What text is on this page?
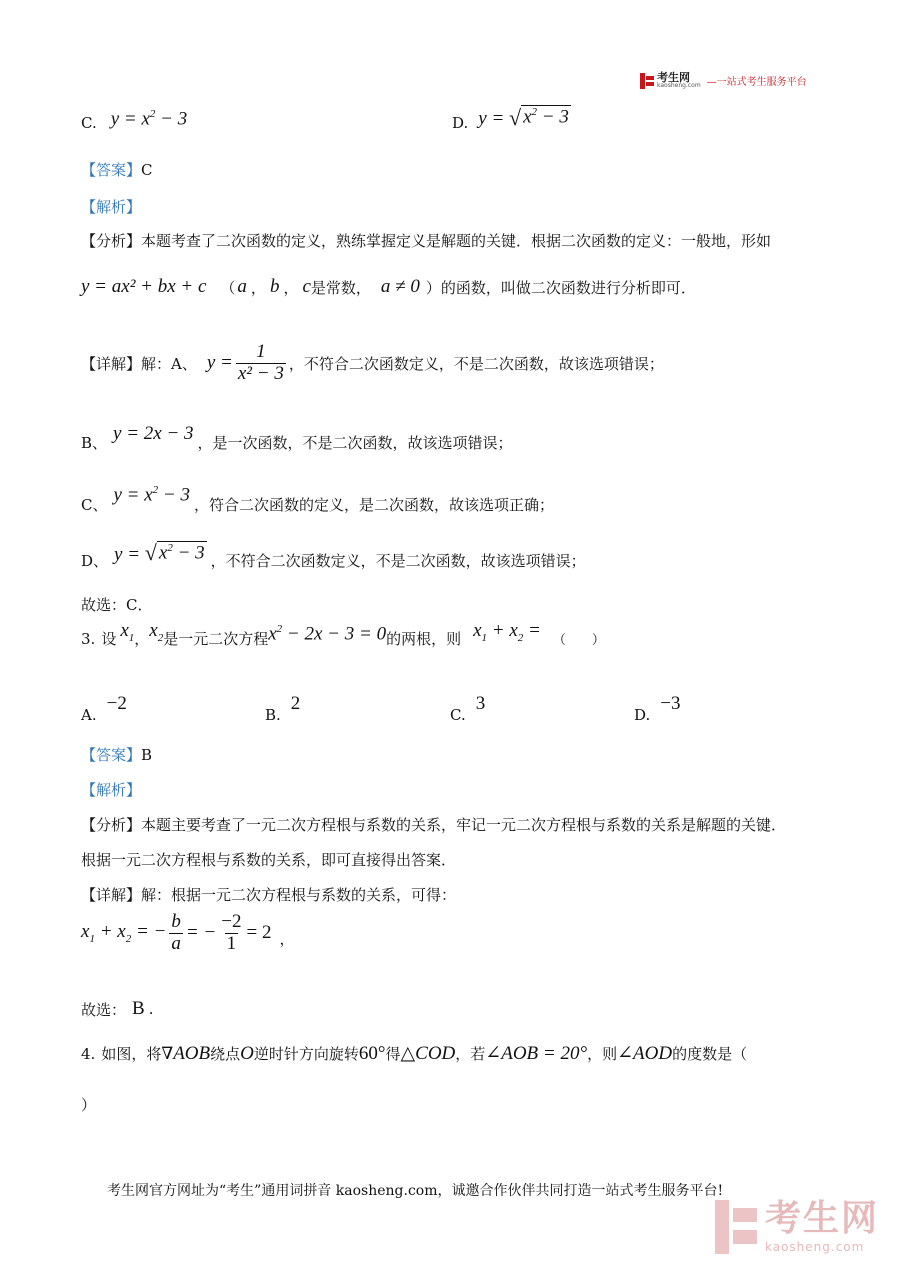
考生网
kaosheng.com —一站式考生服务平台
C. $y = x^2 - 3$	D. y = √ $x^2 - 3$
【答案】C
【解析】
【分析】本题考查了二次函数的定义，熟练掌握定义是解题的关键．根据二次函数的定义：一般地，形如
y = ax² + bx + c （ a ， b ， c 是常数， a ≠ 0 ）的函数，叫做二次函数进行分析即可．
【详解】 解：A、 $y = \frac{1}{\text{x² − 3}}$ ，不符合二次函数定义，不是二次函数，故该选项错误；
B、 y = 2x − 3 ，是一次函数，不是二次函数，故该选项错误；
C、 $y = x^2 - 3$ ，符合二次函数的定义，是二次函数，故该选项正确；
D、 y = √ $x^2 - 3$ ，不符合二次函数定义，不是二次函数，故该选项错误；
故选：C．
3. 设 $x_1$ ， $x_2$ 是一元二次方程 $x^2 - 2x - 3 = 0$ 的两根，则 $x_1 + x_2$ = （　　）
A.
−2
B.
2
C.
3
D.
−3
【答案】B
【解析】
【分析】本题主要考查了一元二次方程根与系数的关系，牢记一元二次方程根与系数的关系是解题的关键．
根据一元二次方程根与系数的关系，即可直接得出答案．
【详解】解：根据一元二次方程根与系数的关系，可得：
$x_1 + x_2$ = − $\frac{b}{a}$ = − $\frac{-2}{1} = 2$ ，
故选： B .
4. 如图，将 ∇ AOB 绕点 O 逆时针方向旋转 60° 得 △ COD ，若 ∠AOB = 20° ，则 ∠AOD 的度数是（
）
考生网官方网址为“考生”通用词拼音 kaosheng.com，诚邀合作伙伴共同打造一站式考生服务平台!
考生网
kaosheng.com
